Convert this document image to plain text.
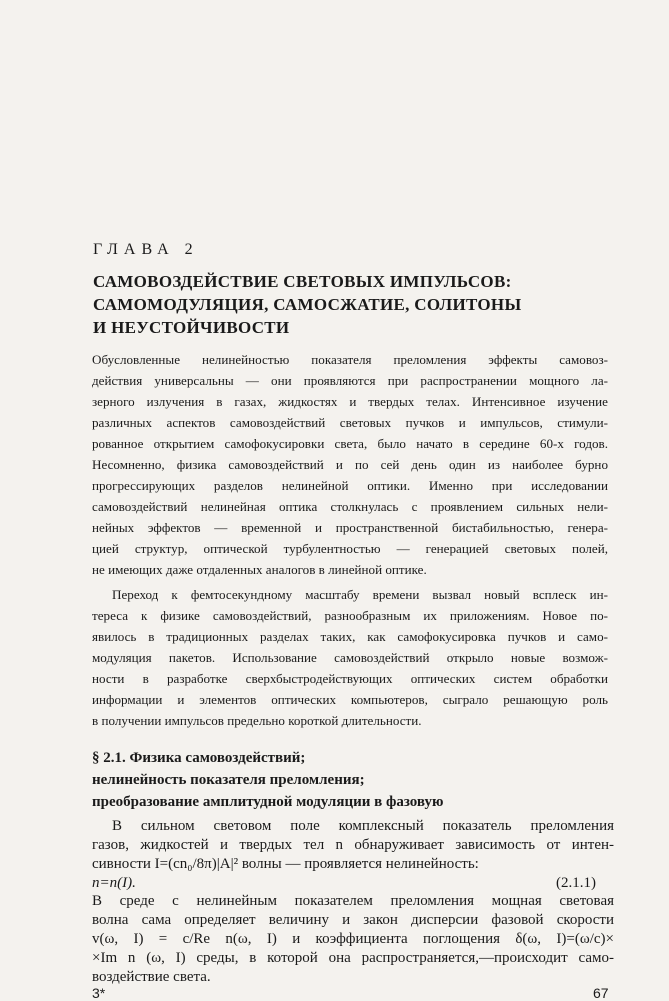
ГЛАВА 2
САМОВОЗДЕЙСТВИЕ СВЕТОВЫХ ИМПУЛЬСОВ:
САМОМОДУЛЯЦИЯ, САМОСЖАТИЕ, СОЛИТОНЫ
И НЕУСТОЙЧИВОСТИ
Обусловленные нелинейностью показателя преломления эффекты самовоз-
действия универсальны — они проявляются при распространении мощного ла-
зерного излучения в газах, жидкостях и твердых телах. Интенсивное изучение
различных аспектов самовоздействий световых пучков и импульсов, стимули-
рованное открытием самофокусировки света, было начато в середине 60-х годов.
Несомненно, физика самовоздействий и по сей день один из наиболее бурно
прогрессирующих разделов нелинейной оптики. Именно при исследовании
самовоздействий нелинейная оптика столкнулась с проявлением сильных нели-
нейных эффектов — временной и пространственной бистабильностью, генера-
цией структур, оптической турбулентностью — генерацией световых полей,
не имеющих даже отдаленных аналогов в линейной оптике.
Переход к фемтосекундному масштабу времени вызвал новый всплеск ин-
тереса к физике самовоздействий, разнообразным их приложениям. Новое по-
явилось в традиционных разделах таких, как самофокусировка пучков и само-
модуляция пакетов. Использование самовоздействий открыло новые возмож-
ности в разработке сверхбыстродействующих оптических систем обработки
информации и элементов оптических компьютеров, сыграло решающую роль
в получении импульсов предельно короткой длительности.
§ 2.1. Физика самовоздействий;
нелинейность показателя преломления;
преобразование амплитудной модуляции в фазовую
В сильном световом поле комплексный показатель преломления
газов, жидкостей и твердых тел n обнаруживает зависимость от интен-
сивности I=(cn₀/8π)|A|² волны — проявляется нелинейность:
n=n(I).	(2.1.1)
В среде с нелинейным показателем преломления мощная световая
волна сама определяет величину и закон дисперсии фазовой скорости
v(ω, I) = c/Re n(ω, I) и коэффициента поглощения δ(ω, I)=(ω/c)×
×Im n (ω, I) среды, в которой она распространяется,—происходит само-
воздействие света.
3*	67
